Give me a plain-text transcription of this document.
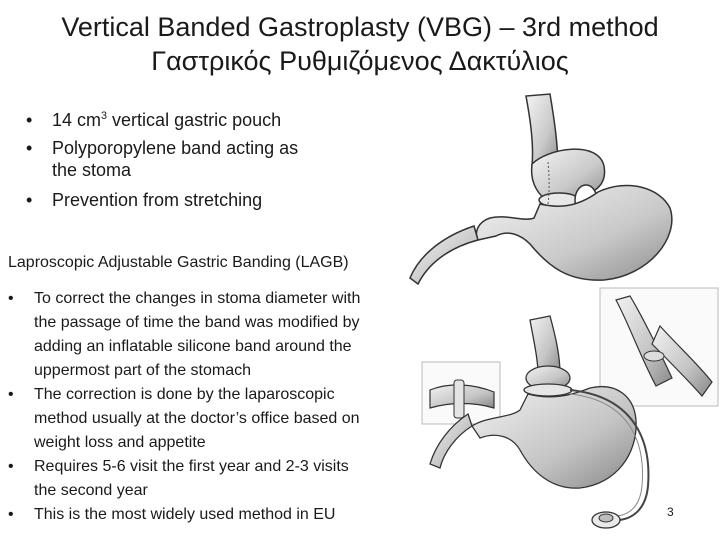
Vertical Banded Gastroplasty (VBG) – 3rd method
Γαστρικός Ρυθμιζόμενος Δακτύλιος
• 14 $cm^3$ vertical gastric pouch
• Polyporopylene band acting as
the stoma
• Prevention from stretching
Laproscopic Adjustable Gastric Banding (LAGB)
• To correct the changes in stoma diameter with
the passage of time the band was modified by
adding an inflatable silicone band around the
uppermost part of the stomach
• The correction is done by the laparoscopic
method usually at the doctor’s office based on
weight loss and appetite
• Requires 5-6 visit the first year and 2-3 visits
the second year
• This is the most widely used method in EU	3
